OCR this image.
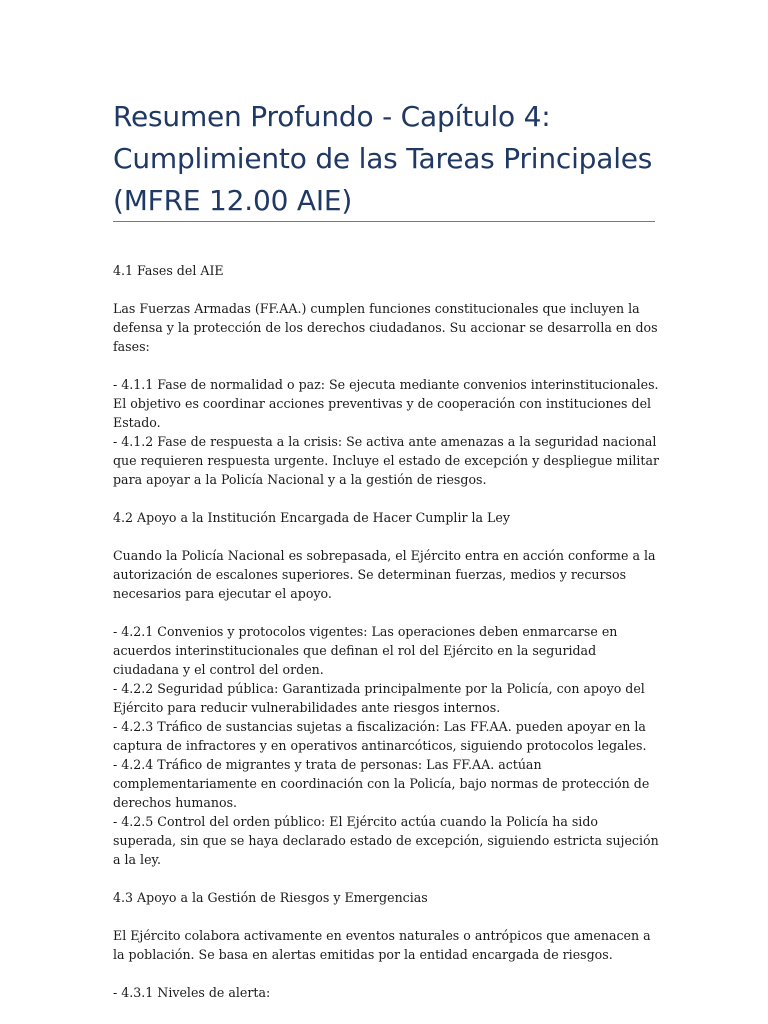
Resumen Profundo - Capítulo 4: Cumplimiento de las Tareas Principales (MFRE 12.00 AIE)

4.1 Fases del AIE

Las Fuerzas Armadas (FF.AA.) cumplen funciones constitucionales que incluyen la defensa y la protección de los derechos ciudadanos. Su accionar se desarrolla en dos fases:

- 4.1.1 Fase de normalidad o paz: Se ejecuta mediante convenios interinstitucionales. El objetivo es coordinar acciones preventivas y de cooperación con instituciones del Estado.
- 4.1.2 Fase de respuesta a la crisis: Se activa ante amenazas a la seguridad nacional que requieren respuesta urgente. Incluye el estado de excepción y despliegue militar para apoyar a la Policía Nacional y a la gestión de riesgos.

4.2 Apoyo a la Institución Encargada de Hacer Cumplir la Ley

Cuando la Policía Nacional es sobrepasada, el Ejército entra en acción conforme a la autorización de escalones superiores. Se determinan fuerzas, medios y recursos necesarios para ejecutar el apoyo.

- 4.2.1 Convenios y protocolos vigentes: Las operaciones deben enmarcarse en acuerdos interinstitucionales que definan el rol del Ejército en la seguridad ciudadana y el control del orden.
- 4.2.2 Seguridad pública: Garantizada principalmente por la Policía, con apoyo del Ejército para reducir vulnerabilidades ante riesgos internos.
- 4.2.3 Tráfico de sustancias sujetas a fiscalización: Las FF.AA. pueden apoyar en la captura de infractores y en operativos antinarcóticos, siguiendo protocolos legales.
- 4.2.4 Tráfico de migrantes y trata de personas: Las FF.AA. actúan complementariamente en coordinación con la Policía, bajo normas de protección de derechos humanos.
- 4.2.5 Control del orden público: El Ejército actúa cuando la Policía ha sido superada, sin que se haya declarado estado de excepción, siguiendo estricta sujeción a la ley.

4.3 Apoyo a la Gestión de Riesgos y Emergencias

El Ejército colabora activamente en eventos naturales o antrópicos que amenacen a la población. Se basa en alertas emitidas por la entidad encargada de riesgos.

- 4.3.1 Niveles de alerta:
